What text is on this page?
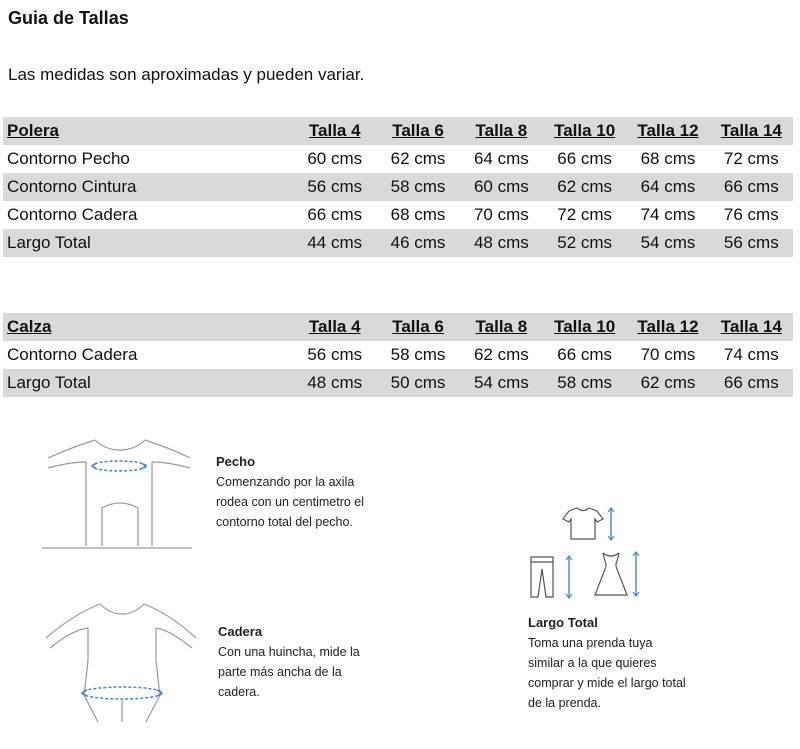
Guia de Tallas
Las medidas son aproximadas y pueden variar.
Polera	Talla 4	Talla 6	Talla 8	Talla 10	Talla 12	Talla 14
Contorno Pecho	60 cms	62 cms	64 cms	66 cms	68 cms	72 cms
Contorno Cintura	56 cms	58 cms	60 cms	62 cms	64 cms	66 cms
Contorno Cadera	66 cms	68 cms	70 cms	72 cms	74 cms	76 cms
Largo Total	44 cms	46 cms	48 cms	52 cms	54 cms	56 cms
Calza	Talla 4	Talla 6	Talla 8	Talla 10	Talla 12	Talla 14
Contorno Cadera	56 cms	58 cms	62 cms	66 cms	70 cms	74 cms
Largo Total	48 cms	50 cms	54 cms	58 cms	62 cms	66 cms
Pecho
Comenzando por la axila
rodea con un centimetro el
contorno total del pecho.
Cadera
Con una huincha, mide la
parte más ancha de la
cadera.
Largo Total
Toma una prenda tuya
similar a la que quieres
comprar y mide el largo total
de la prenda.
